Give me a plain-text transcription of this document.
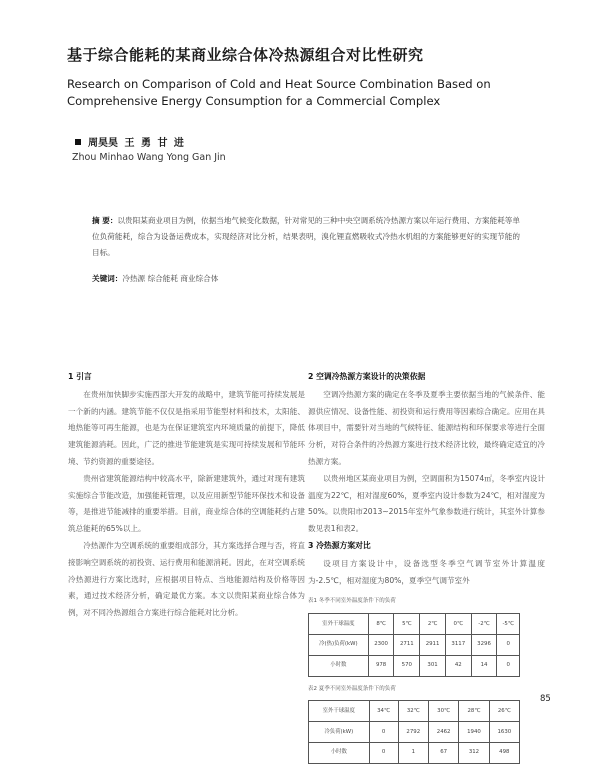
基于综合能耗的某商业综合体冷热源组合对比性研究
Research on Comparison of Cold and Heat Source Combination Based on Comprehensive Energy Consumption for a Commercial Complex
周昊昊 王 勇 甘 进
Zhou Minhao Wang Yong Gan Jin
摘 要：以贵阳某商业项目为例，依据当地气候变化数据，针对常见的三种中央空调系统冷热源方案以年运行费用、方案能耗等单位负荷能耗，综合为设备运费成本，实现经济对比分析，结果表明，溴化锂直燃吸收式冷热水机组的方案能够更好的实现节能的目标。
关键词：冷热源 综合能耗 商业综合体
1 引言

在贵州加快脚步实施西部大开发的战略中，建筑节能可持续发展是一个新的内涵。建筑节能不仅仅是指采用节能型材料和技术，太阳能、地热能等可再生能源，也是为在保证建筑室内环境质量的前提下，降低建筑能源消耗。因此，广泛的推进节能建筑是实现可持续发展和节能环境、节约资源的重要途径。

贵州省建筑能源结构中较高水平，除新建建筑外，通过对现有建筑实施综合节能改造，加强能耗管理，以及应用新型节能环保技术和设备等，是推进节能减排的重要举措。目前，商业综合体的空调能耗约占建筑总能耗的65%以上。

冷热源作为空调系统的重要组成部分，其方案选择合理与否，将直接影响空调系统的初投资、运行费用和能源消耗。因此，在对空调系统冷热源进行方案比选时，应根据项目特点、当地能源结构及价格等因素，通过技术经济分析，确定最优方案。本文以贵阳某商业综合体为例，对不同冷热源组合方案进行综合能耗对比分析。

2 空调冷热源方案设计的决策依据

空调冷热源方案的确定在冬季及夏季主要依据当地的气候条件、能源供应情况、设备性能、初投资和运行费用等因素综合确定。应用在具体项目中，需要针对当地的气候特征、能源结构和环保要求等进行全面分析，对符合条件的冷热源方案进行技术经济比较，最终确定适宜的冷热源方案。

以贵州地区某商业项目为例，空调面积为15074㎡，冬季室内设计温度为22℃，相对湿度60%，夏季室内设计参数为24℃，相对湿度为50%。以贵阳市2013~2015年室外气象参数进行统计，其室外计算参数见表1和表2。

3 冷热源方案对比

设项目方案设计中，设备选型冬季空气调节室外计算温度为-2.5℃，相对湿度为80%，夏季空气调节室外

表1 冬季不同室外温度条件下的负荷
室外干球温度	8℃	5℃	2℃	0℃	-2℃	-5℃
冷(热)负荷(kW)	2300	2711	2911	3117	3296	0
小时数	978	570	301	42	14	0
表2 夏季不同室外温度条件下的负荷
室外干球温度	34℃	32℃	30℃	28℃	26℃
冷负荷(kW)	0	2792	2462	1940	1630
小时数	0	1	67	312	498
85
